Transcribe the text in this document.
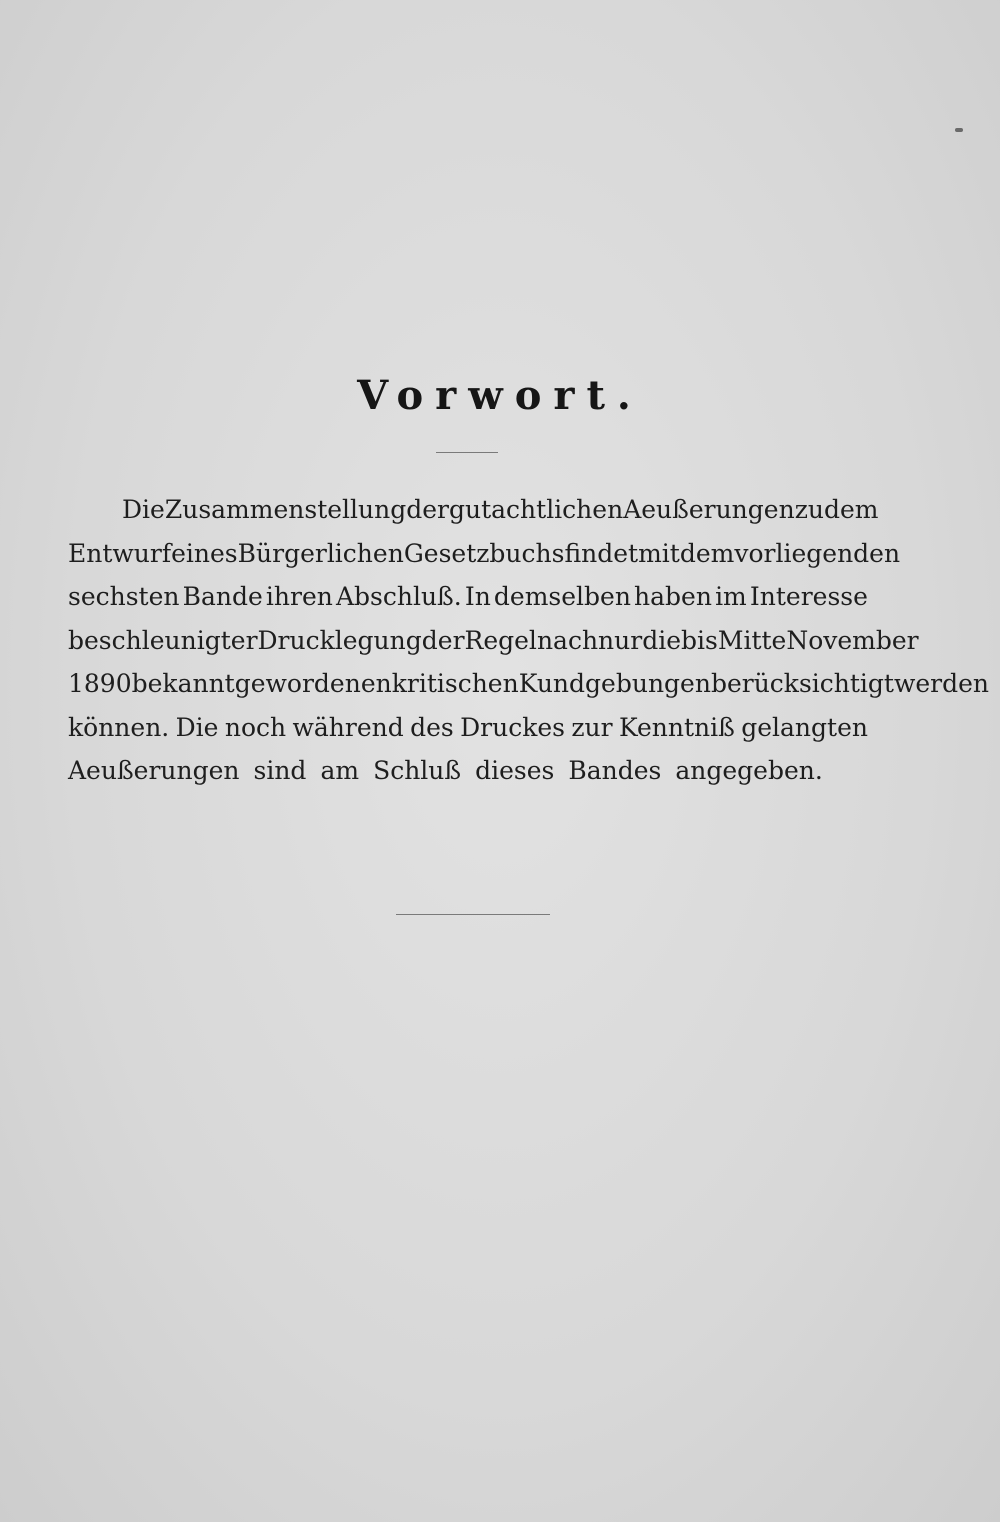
Vorwort.
Die Zusammenstellung der gutachtlichen Aeußerungen zu dem
Entwurf eines Bürgerlichen Gesetzbuchs findet mit dem vorliegenden
sechsten Bande ihren Abschluß. In demselben haben im Interesse
beschleunigter Drucklegung der Regel nach nur die bis Mitte November
1890 bekannt gewordenen kritischen Kundgebungen berücksichtigt werden
können. Die noch während des Druckes zur Kenntniß gelangten
Aeußerungen sind am Schluß dieses Bandes angegeben.
